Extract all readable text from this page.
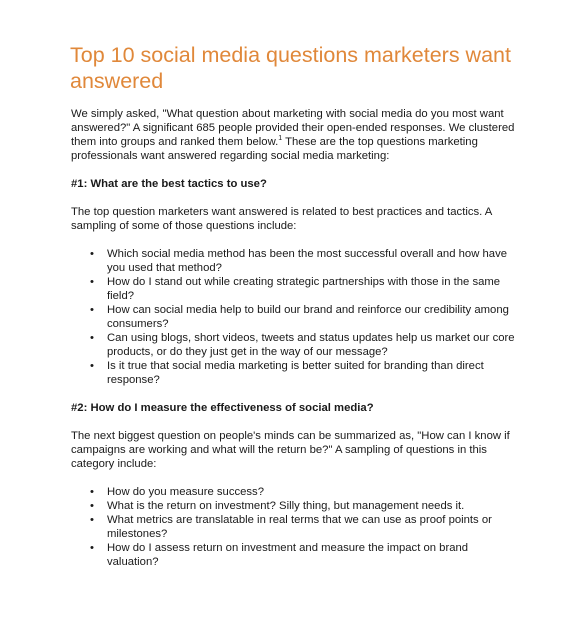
Top 10 social media questions marketers want answered

We simply asked, "What question about marketing with social media do you most want answered?" A significant 685 people provided their open-ended responses. We clustered them into groups and ranked them below.$^1$ These are the top questions marketing professionals want answered regarding social media marketing:

#1: What are the best tactics to use?

The top question marketers want answered is related to best practices and tactics. A sampling of some of those questions include:

• Which social media method has been the most successful overall and how have you used that method?
• How do I stand out while creating strategic partnerships with those in the same field?
• How can social media help to build our brand and reinforce our credibility among consumers?
• Can using blogs, short videos, tweets and status updates help us market our core products, or do they just get in the way of our message?
• Is it true that social media marketing is better suited for branding than direct response?

#2: How do I measure the effectiveness of social media?

The next biggest question on people's minds can be summarized as, "How can I know if campaigns are working and what will the return be?" A sampling of questions in this category include:

• How do you measure success?
• What is the return on investment? Silly thing, but management needs it.
• What metrics are translatable in real terms that we can use as proof points or milestones?
• How do I assess return on investment and measure the impact on brand valuation?
